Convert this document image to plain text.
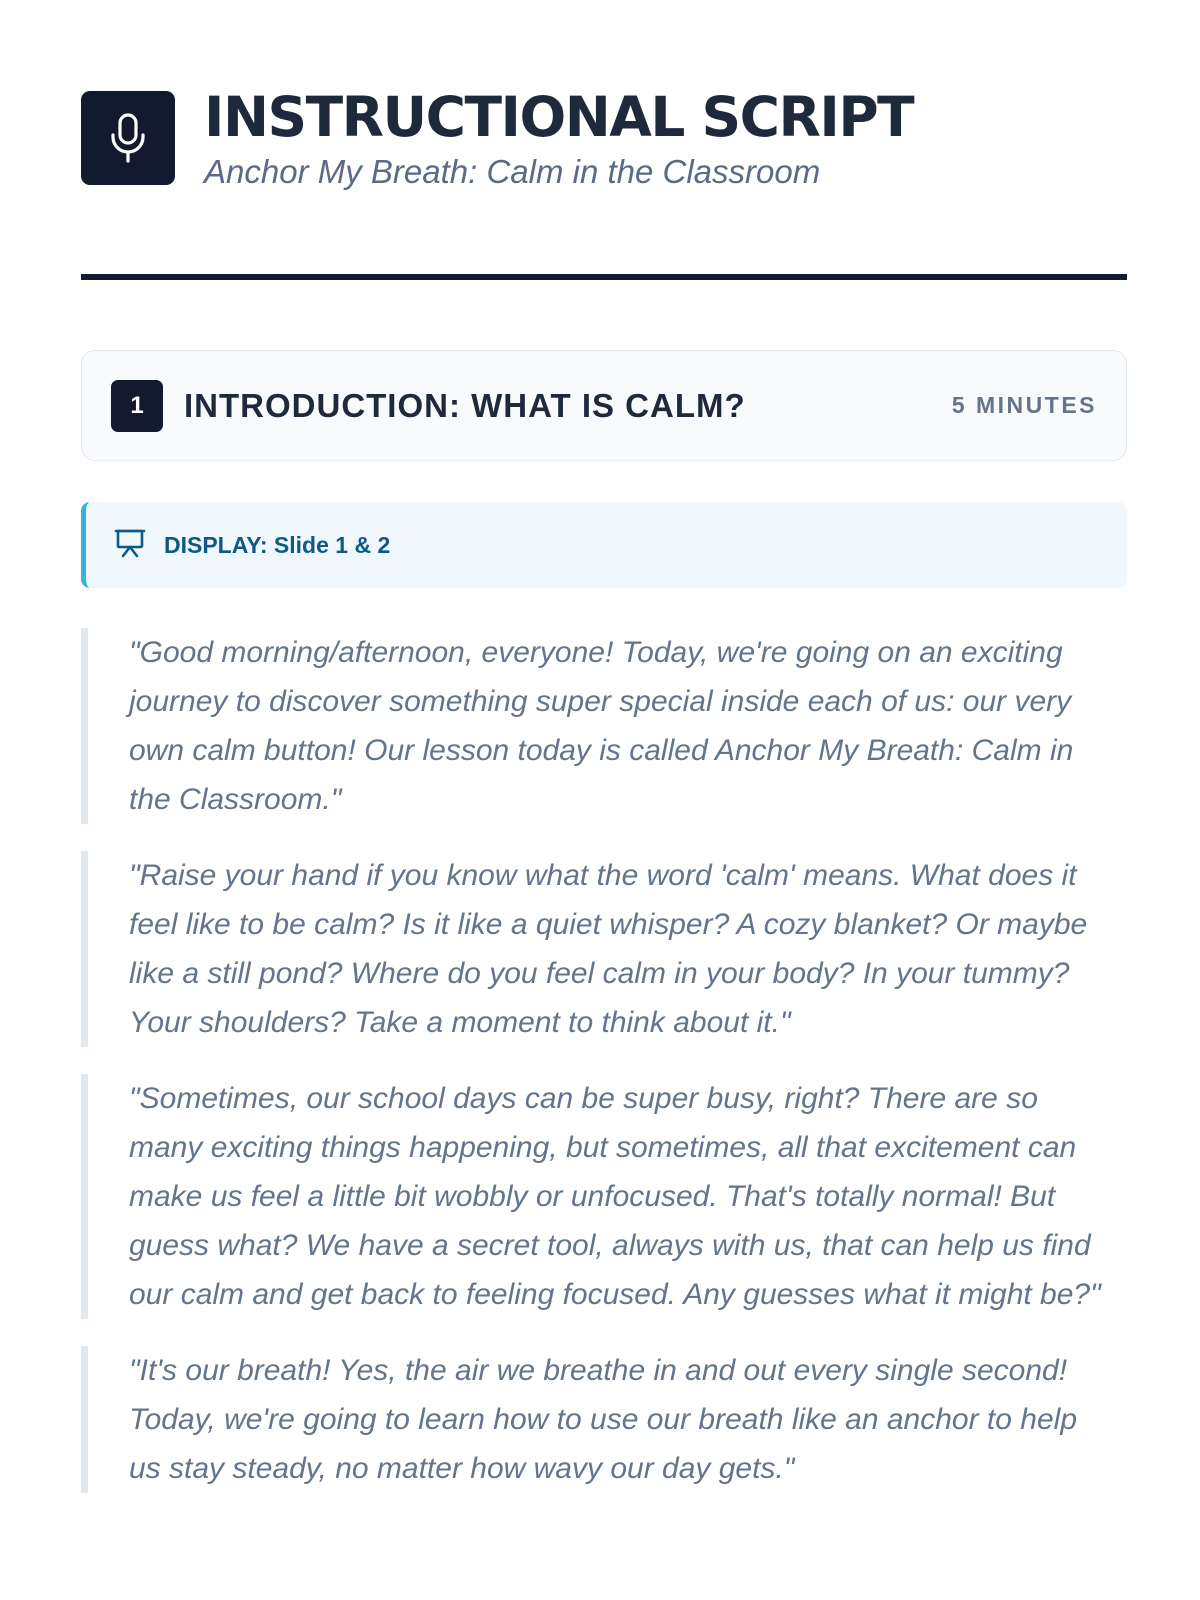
INSTRUCTIONAL SCRIPT
Anchor My Breath: Calm in the Classroom
1	INTRODUCTION: WHAT IS CALM?	5 MINUTES
DISPLAY: Slide 1 & 2
"Good morning/afternoon, everyone! Today, we're going on an exciting journey to discover something super special inside each of us: our very own calm button! Our lesson today is called Anchor My Breath: Calm in the Classroom."
"Raise your hand if you know what the word 'calm' means. What does it feel like to be calm? Is it like a quiet whisper? A cozy blanket? Or maybe like a still pond? Where do you feel calm in your body? In your tummy? Your shoulders? Take a moment to think about it."
"Sometimes, our school days can be super busy, right? There are so many exciting things happening, but sometimes, all that excitement can make us feel a little bit wobbly or unfocused. That's totally normal! But guess what? We have a secret tool, always with us, that can help us find our calm and get back to feeling focused. Any guesses what it might be?"
"It's our breath! Yes, the air we breathe in and out every single second! Today, we're going to learn how to use our breath like an anchor to help us stay steady, no matter how wavy our day gets."
